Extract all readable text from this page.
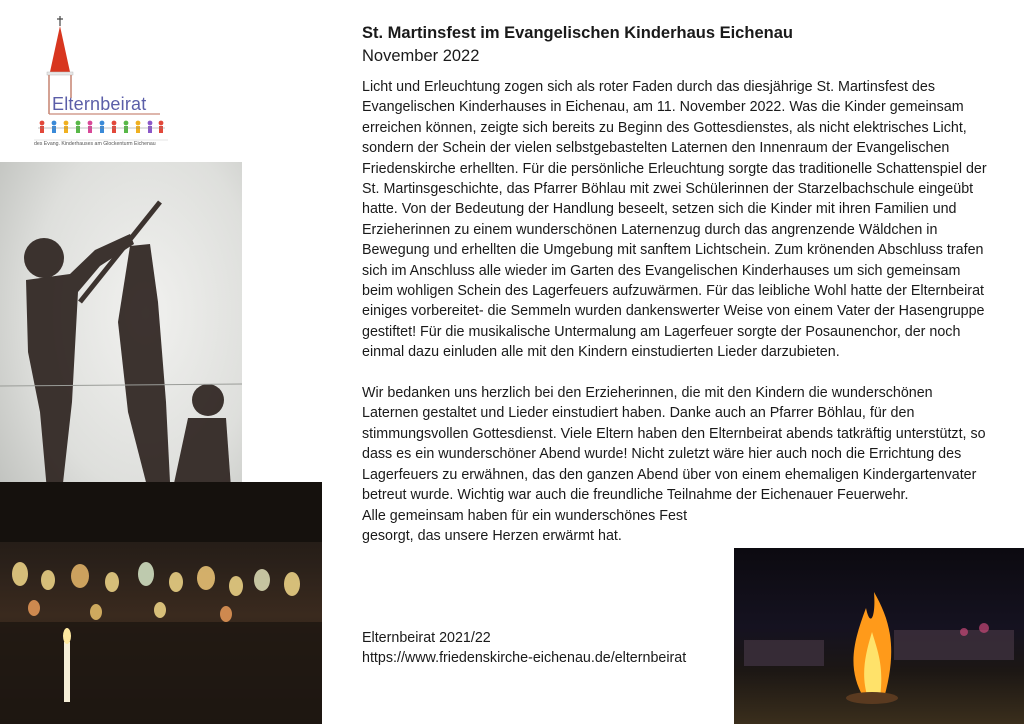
Elternbeirat
des Evang. Kinderhauses am Glockenturm Eichenau
St. Martinsfest im Evangelischen Kinderhaus Eichenau
November 2022

Licht und Erleuchtung zogen sich als roter Faden durch das diesjährige St. Martinsfest des Evangelischen Kinderhauses in Eichenau, am 11. November 2022. Was die Kinder gemeinsam erreichen können, zeigte sich bereits zu Beginn des Gottesdienstes, als nicht elektrisches Licht, sondern der Schein der vielen selbstgebastelten Laternen den Innenraum der Evangelischen Friedenskirche erhellten. Für die persönliche Erleuchtung sorgte das traditionelle Schattenspiel der St. Martinsgeschichte, das Pfarrer Böhlau mit zwei Schülerinnen der Starzelbachschule eingeübt hatte. Von der Bedeutung der Handlung beseelt, setzen sich die Kinder mit ihren Familien und Erzieherinnen zu einem wunderschönen Laternenzug durch das angrenzende Wäldchen in Bewegung und erhellten die Umgebung mit sanftem Lichtschein. Zum krönenden Abschluss trafen sich im Anschluss alle wieder im Garten des Evangelischen Kinderhauses um sich gemeinsam beim wohligen Schein des Lagerfeuers aufzuwärmen. Für das leibliche Wohl hatte der Elternbeirat einiges vorbereitet- die Semmeln wurden dankenswerter Weise von einem Vater der Hasengruppe gestiftet! Für die musikalische Untermalung am Lagerfeuer sorgte der Posaunenchor, der noch einmal dazu einluden alle mit den Kindern einstudierten Lieder darzubieten.

Wir bedanken uns herzlich bei den Erzieherinnen, die mit den Kindern die wunderschönen Laternen gestaltet und Lieder einstudiert haben. Danke auch an Pfarrer Böhlau, für den stimmungsvollen Gottesdienst. Viele Eltern haben den Elternbeirat abends tatkräftig unterstützt, so dass es ein wunderschöner Abend wurde! Nicht zuletzt wäre hier auch noch die Errichtung des Lagerfeuers zu erwähnen, das den ganzen Abend über von einem ehemaligen Kindergartenvater betreut wurde. Wichtig war auch die freundliche Teilnahme der Eichenauer Feuerwehr.

Alle gemeinsam haben für ein wunderschönes Fest

gesorgt, das unsere Herzen erwärmt hat.

Elternbeirat 2021/22
https://www.friedenskirche-eichenau.de/elternbeirat
